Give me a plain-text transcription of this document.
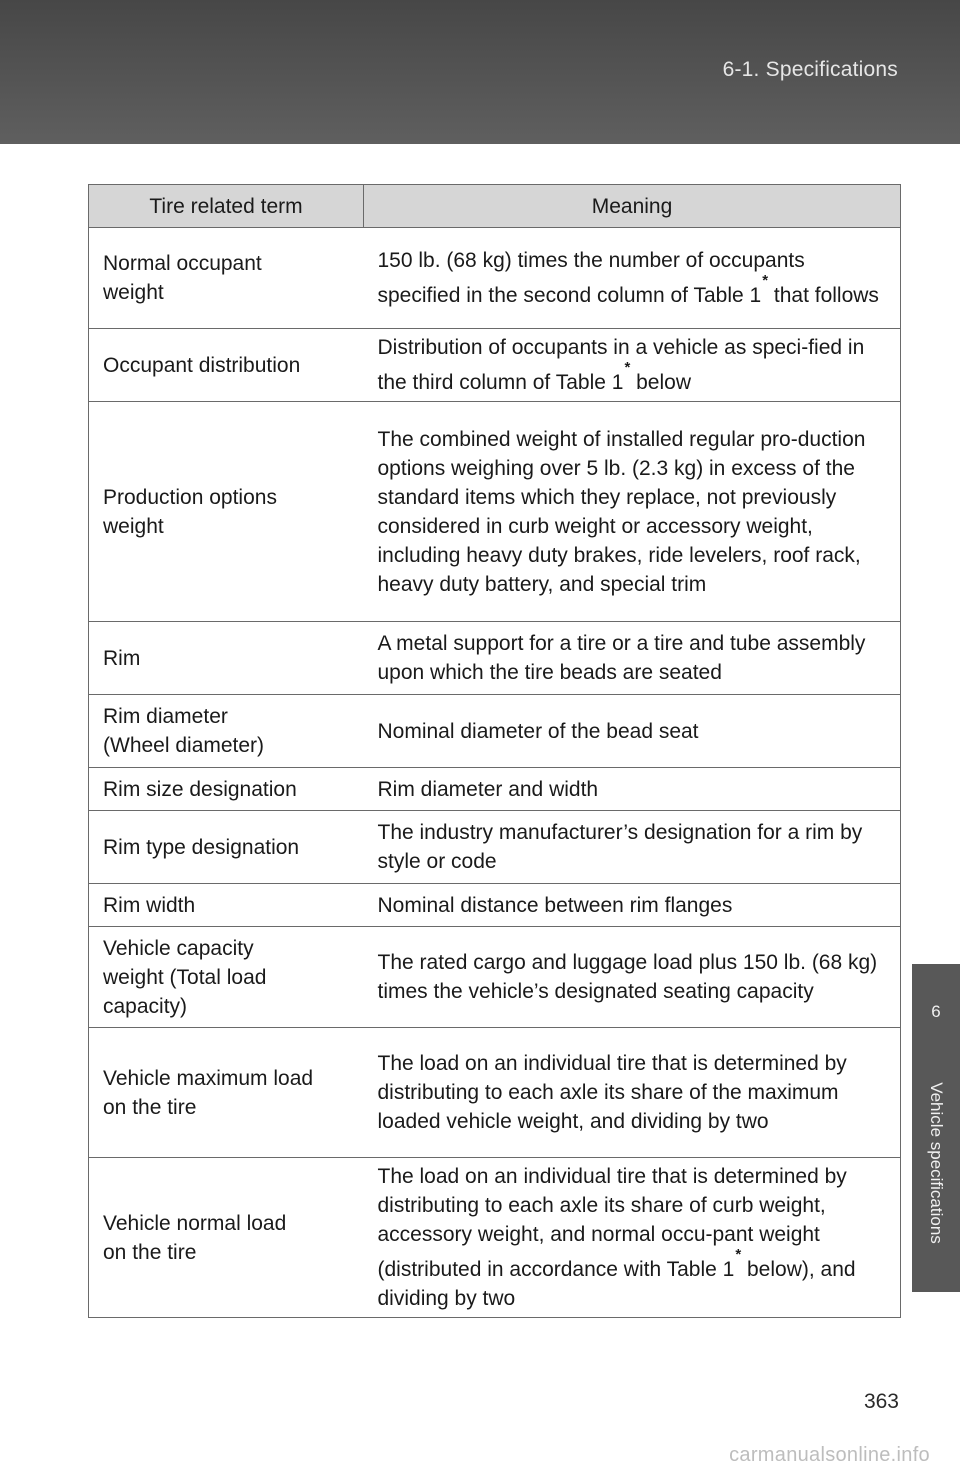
6-1. Specifications
6
Vehicle specifications
Tire related term	Meaning
Normal occupant
weight	150 lb. (68 kg) times the number of occupants specified in the second column of Table 1* that follows
Occupant distribution	Distribution of occupants in a vehicle as speci-fied in the third column of Table 1* below
Production options
weight	The combined weight of installed regular pro-duction options weighing over 5 lb. (2.3 kg) in excess of the standard items which they replace, not previously considered in curb weight or accessory weight, including heavy duty brakes, ride levelers, roof rack, heavy duty battery, and special trim
Rim	A metal support for a tire or a tire and tube assembly upon which the tire beads are seated
Rim diameter
(Wheel diameter)	Nominal diameter of the bead seat
Rim size designation	Rim diameter and width
Rim type designation	The industry manufacturer’s designation for a rim by style or code
Rim width	Nominal distance between rim flanges
Vehicle capacity
weight (Total load
capacity)	The rated cargo and luggage load plus 150 lb. (68 kg) times the vehicle’s designated seating capacity
Vehicle maximum load
on the tire	The load on an individual tire that is determined by distributing to each axle its share of the maximum loaded vehicle weight, and dividing by two
Vehicle normal load
on the tire	The load on an individual tire that is determined by distributing to each axle its share of curb weight, accessory weight, and normal occu-pant weight (distributed in accordance with Table 1* below), and dividing by two
363
carmanualsonline.info
